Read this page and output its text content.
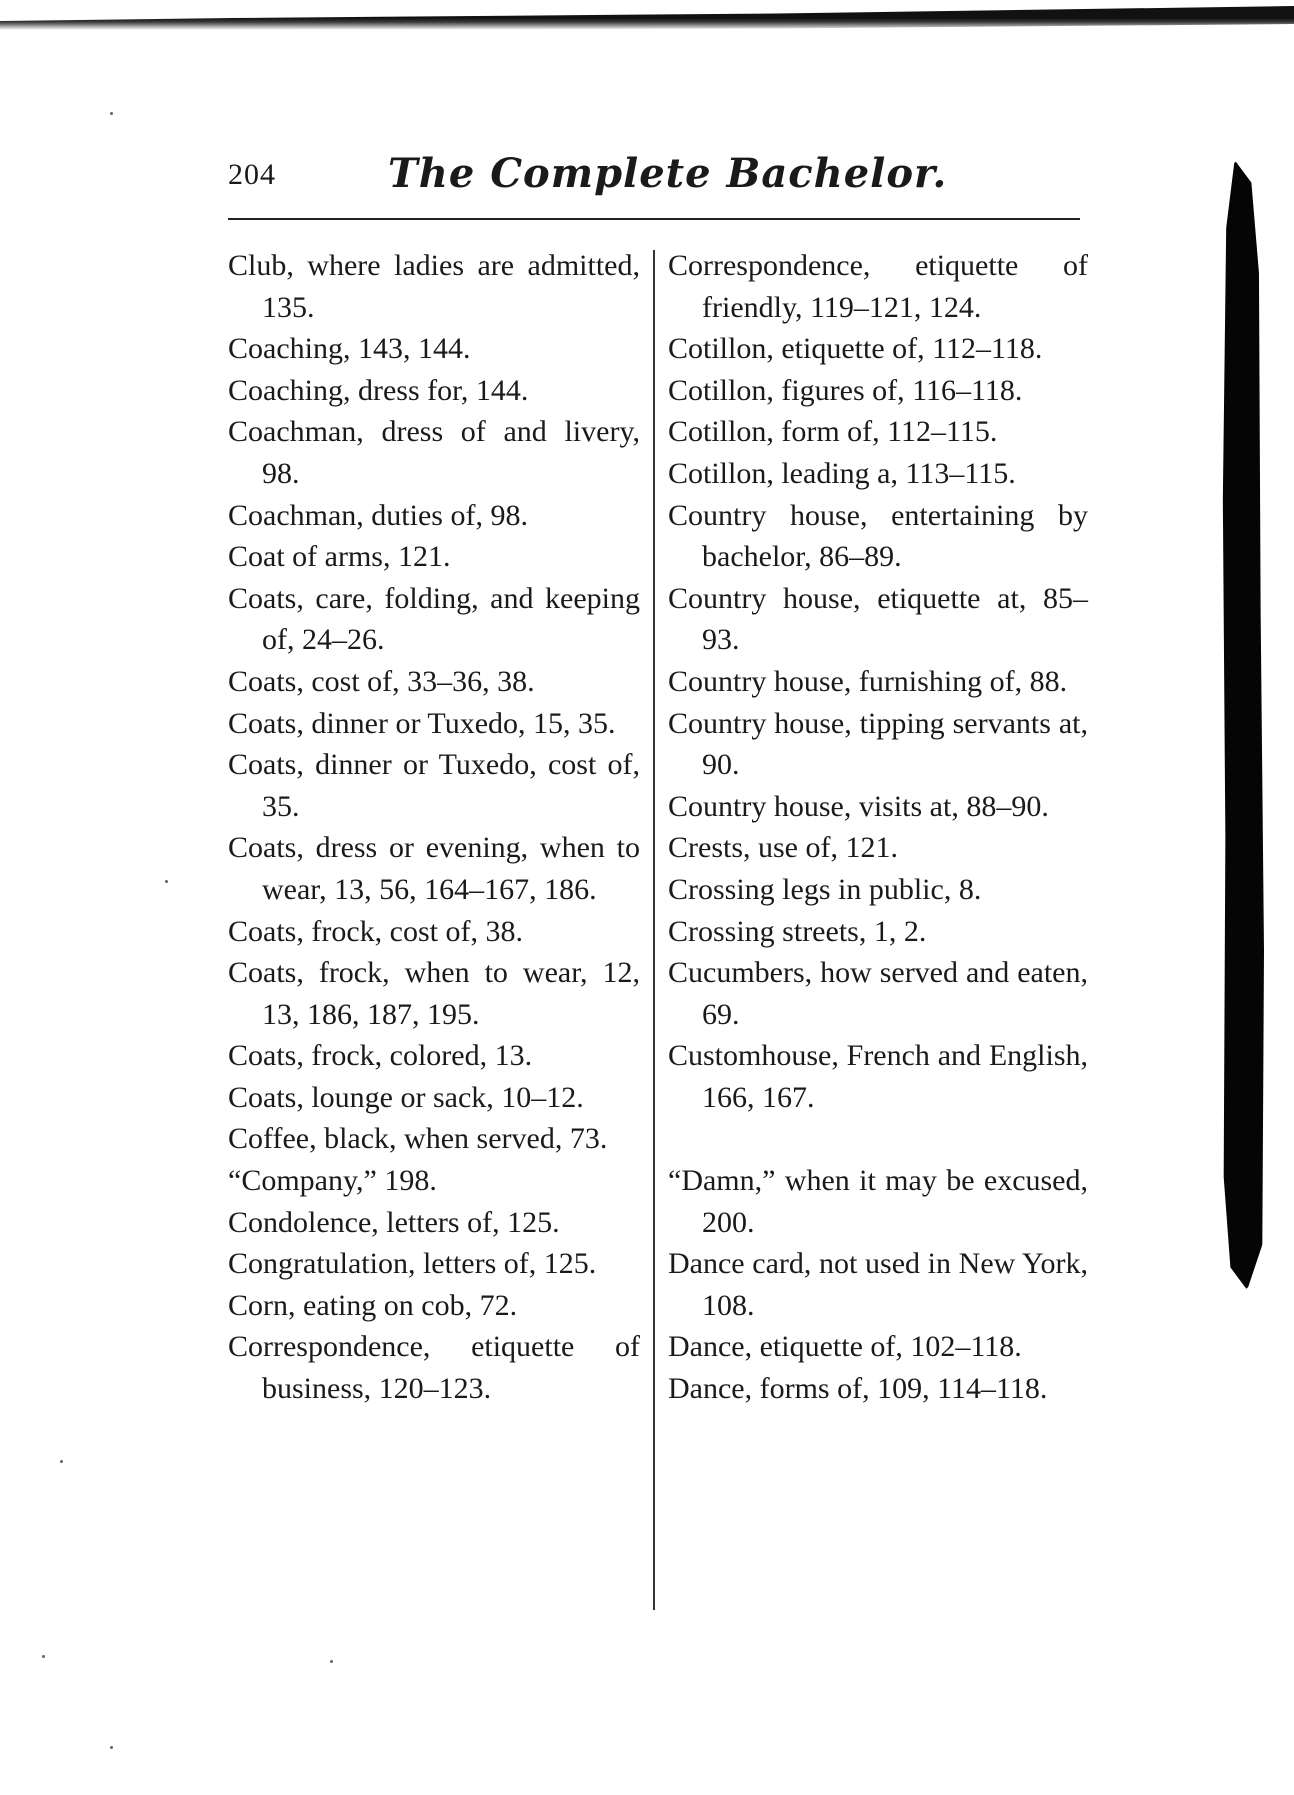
204	The Complete Bachelor.
Club, where ladies are admitted, 135.
Coaching, 143, 144.
Coaching, dress for, 144.
Coachman, dress of and livery, 98.
Coachman, duties of, 98.
Coat of arms, 121.
Coats, care, folding, and keeping of, 24–26.
Coats, cost of, 33–36, 38.
Coats, dinner or Tuxedo, 15, 35.
Coats, dinner or Tuxedo, cost of, 35.
Coats, dress or evening, when to wear, 13, 56, 164–167, 186.
Coats, frock, cost of, 38.
Coats, frock, when to wear, 12, 13, 186, 187, 195.
Coats, frock, colored, 13.
Coats, lounge or sack, 10–12.
Coffee, black, when served, 73.
“Company,” 198.
Condolence, letters of, 125.
Congratulation, letters of, 125.
Corn, eating on cob, 72.
Correspondence, etiquette of business, 120–123.
Correspondence, etiquette of friendly, 119–121, 124.
Cotillon, etiquette of, 112–118.
Cotillon, figures of, 116–118.
Cotillon, form of, 112–115.
Cotillon, leading a, 113–115.
Country house, entertaining by bachelor, 86–89.
Country house, etiquette at, 85–93.
Country house, furnishing of, 88.
Country house, tipping servants at, 90.
Country house, visits at, 88–90.
Crests, use of, 121.
Crossing legs in public, 8.
Crossing streets, 1, 2.
Cucumbers, how served and eaten, 69.
Customhouse, French and English, 166, 167.
“Damn,” when it may be excused, 200.
Dance card, not used in New York, 108.
Dance, etiquette of, 102–118.
Dance, forms of, 109, 114–118.
